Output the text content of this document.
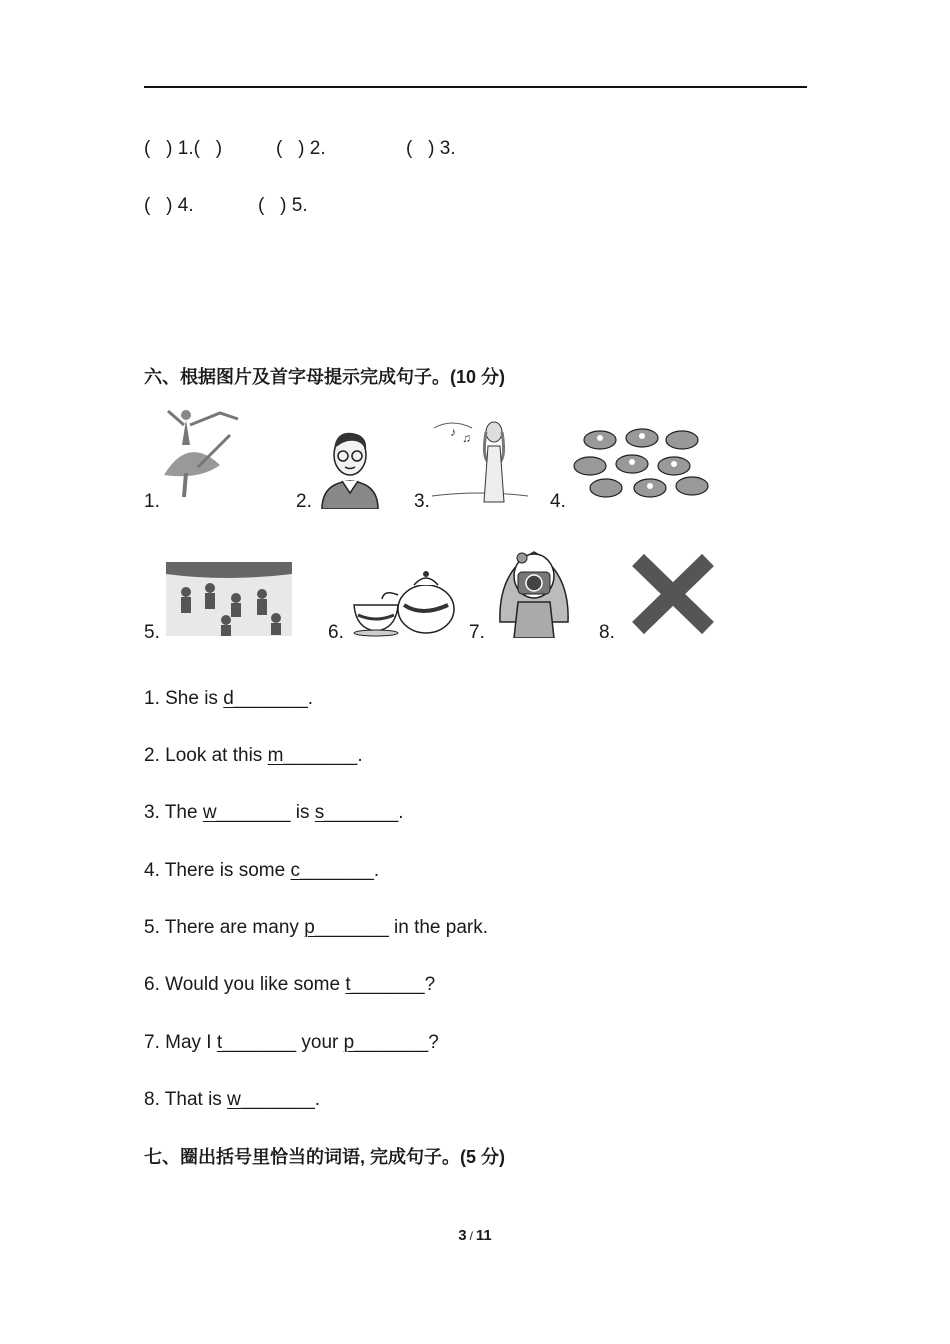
(   ) 1.(   )	(   ) 2.	(   ) 3.
(   ) 4.	(   ) 5.
六、根据图片及首字母提示完成句子。(10 分)
1.	2.	3.
♪ ♫
4.
5.	6.	7.	8.
1. She is d_______.
2. Look at this m_______.
3. The w_______ is s_______.
4. There is some c_______.
5. There are many p_______ in the park.
6. Would you like some t_______?
7. May I t_______ your p_______?
8. That is w_______.
七、圈出括号里恰当的词语, 完成句子。(5 分)
3 / 11
